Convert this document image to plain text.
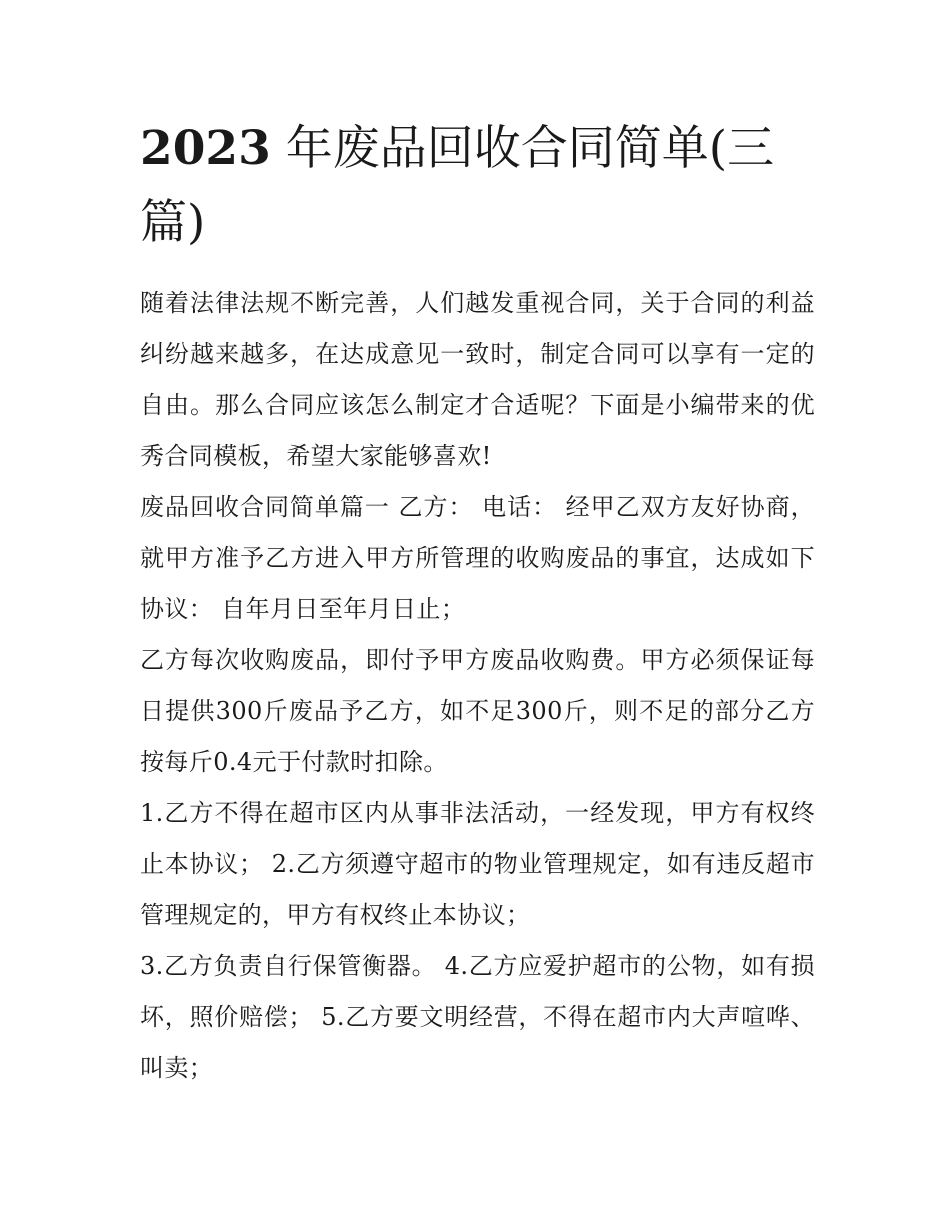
2023 年废品回收合同简单(三篇)

随着法律法规不断完善，人们越发重视合同，关于合同的利益纠纷越来越多，在达成意见一致时，制定合同可以享有一定的自由。那么合同应该怎么制定才合适呢？下面是小编带来的优秀合同模板，希望大家能够喜欢!

废品回收合同简单篇一 乙方： 电话： 经甲乙双方友好协商，就甲方准予乙方进入甲方所管理的收购废品的事宜，达成如下协议： 自年月日至年月日止；

乙方每次收购废品，即付予甲方废品收购费。甲方必须保证每日提供300斤废品予乙方，如不足300斤，则不足的部分乙方按每斤0.4元于付款时扣除。

1.乙方不得在超市区内从事非法活动，一经发现，甲方有权终止本协议； 2.乙方须遵守超市的物业管理规定，如有违反超市管理规定的，甲方有权终止本协议；

3.乙方负责自行保管衡器。 4.乙方应爱护超市的公物，如有损坏，照价赔偿； 5.乙方要文明经营，不得在超市内大声喧哗、叫卖；
